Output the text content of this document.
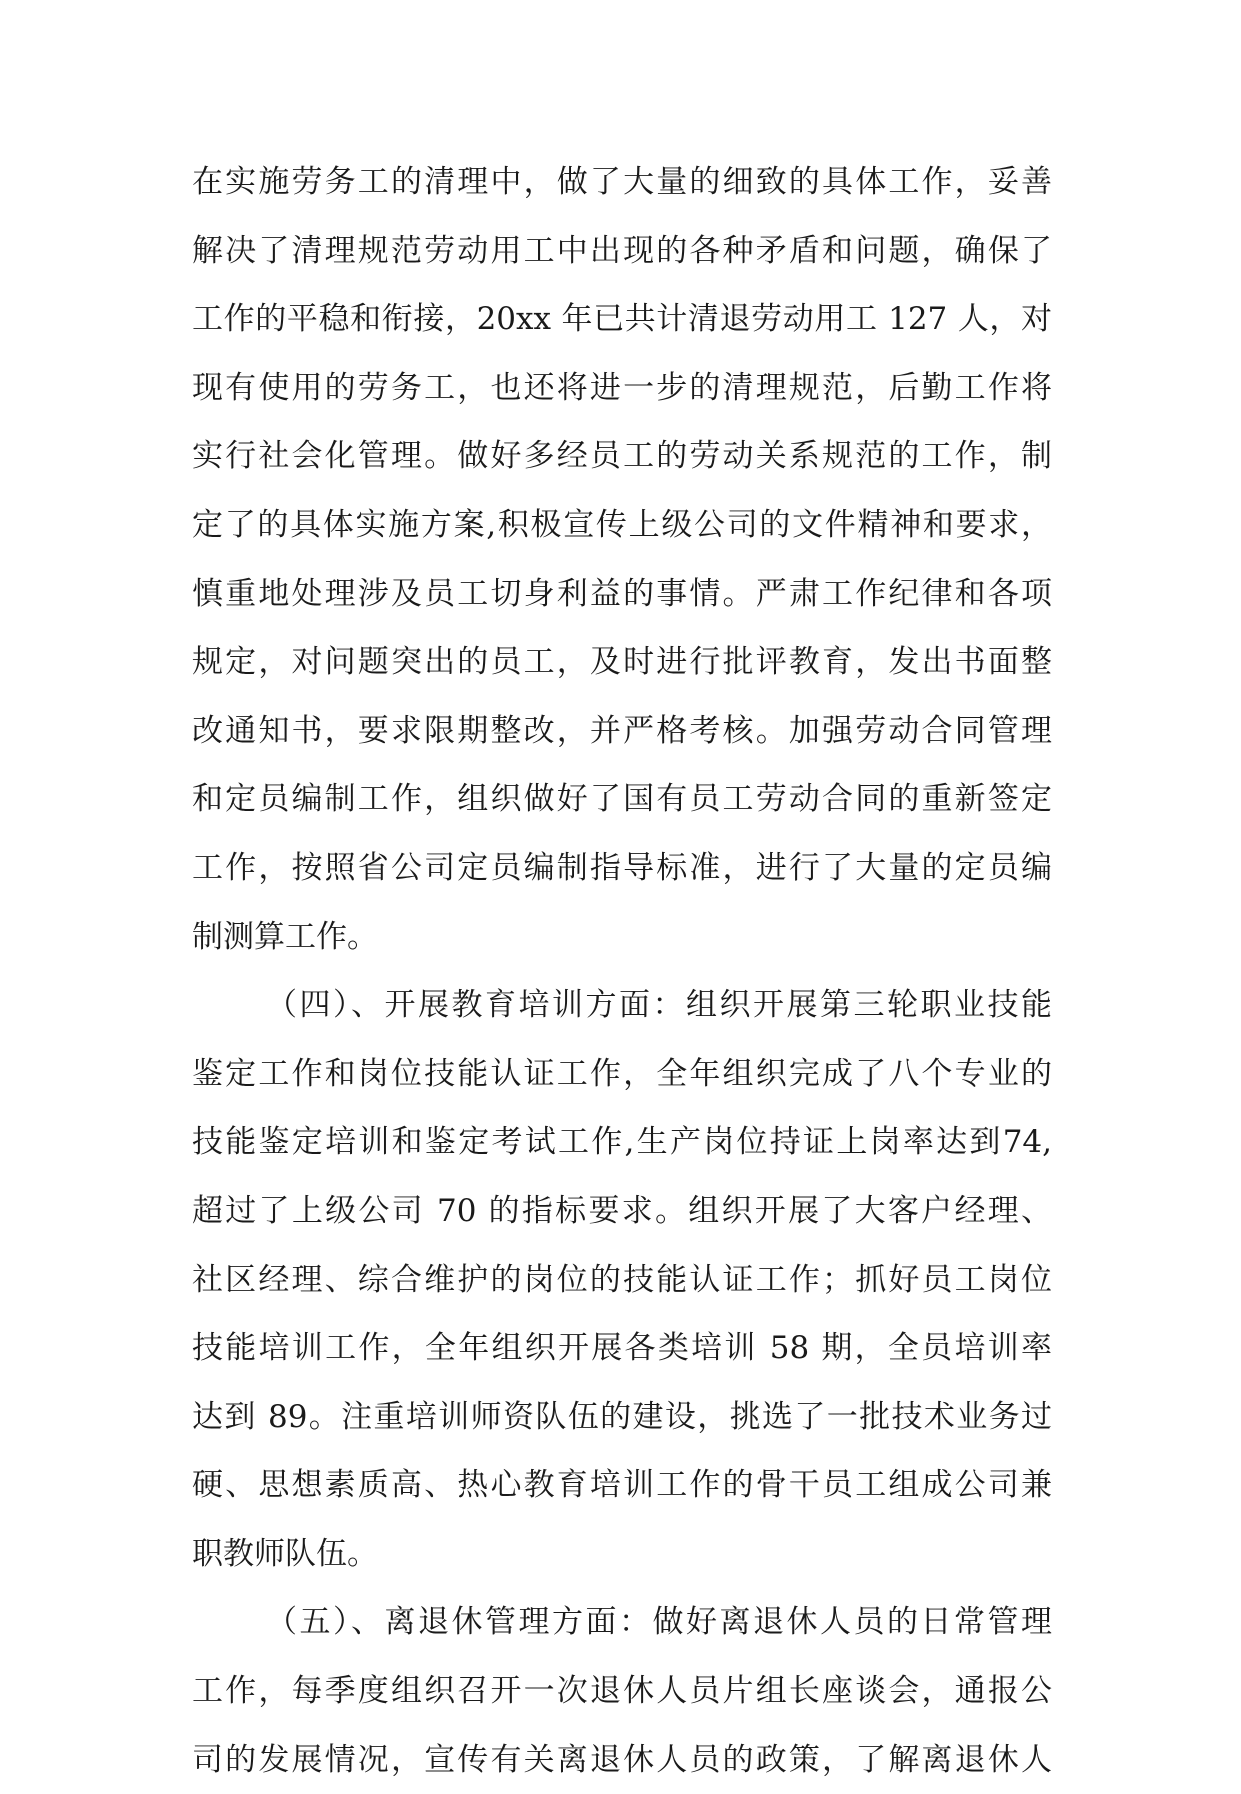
在实施劳务工的清理中，做了大量的细致的具体工作，妥善
解决了清理规范劳动用工中出现的各种矛盾和问题，确保了
工作的平稳和衔接，20xx 年已共计清退劳动用工 127 人，对
现有使用的劳务工，也还将进一步的清理规范，后勤工作将
实行社会化管理。做好多经员工的劳动关系规范的工作，制
定了的具体实施方案,积极宣传上级公司的文件精神和要求，
慎重地处理涉及员工切身利益的事情。严肃工作纪律和各项
规定，对问题突出的员工，及时进行批评教育，发出书面整
改通知书，要求限期整改，并严格考核。加强劳动合同管理
和定员编制工作，组织做好了国有员工劳动合同的重新签定
工作，按照省公司定员编制指导标准，进行了大量的定员编
制测算工作。
（四）、开展教育培训方面：组织开展第三轮职业技能
鉴定工作和岗位技能认证工作，全年组织完成了八个专业的
技能鉴定培训和鉴定考试工作,生产岗位持证上岗率达到74,
超过了上级公司 70 的指标要求。组织开展了大客户经理、
社区经理、综合维护的岗位的技能认证工作；抓好员工岗位
技能培训工作，全年组织开展各类培训 58 期，全员培训率
达到 89。注重培训师资队伍的建设，挑选了一批技术业务过
硬、思想素质高、热心教育培训工作的骨干员工组成公司兼
职教师队伍。
（五）、离退休管理方面：做好离退休人员的日常管理
工作，每季度组织召开一次退休人员片组长座谈会，通报公
司的发展情况，宣传有关离退休人员的政策，了解离退休人
